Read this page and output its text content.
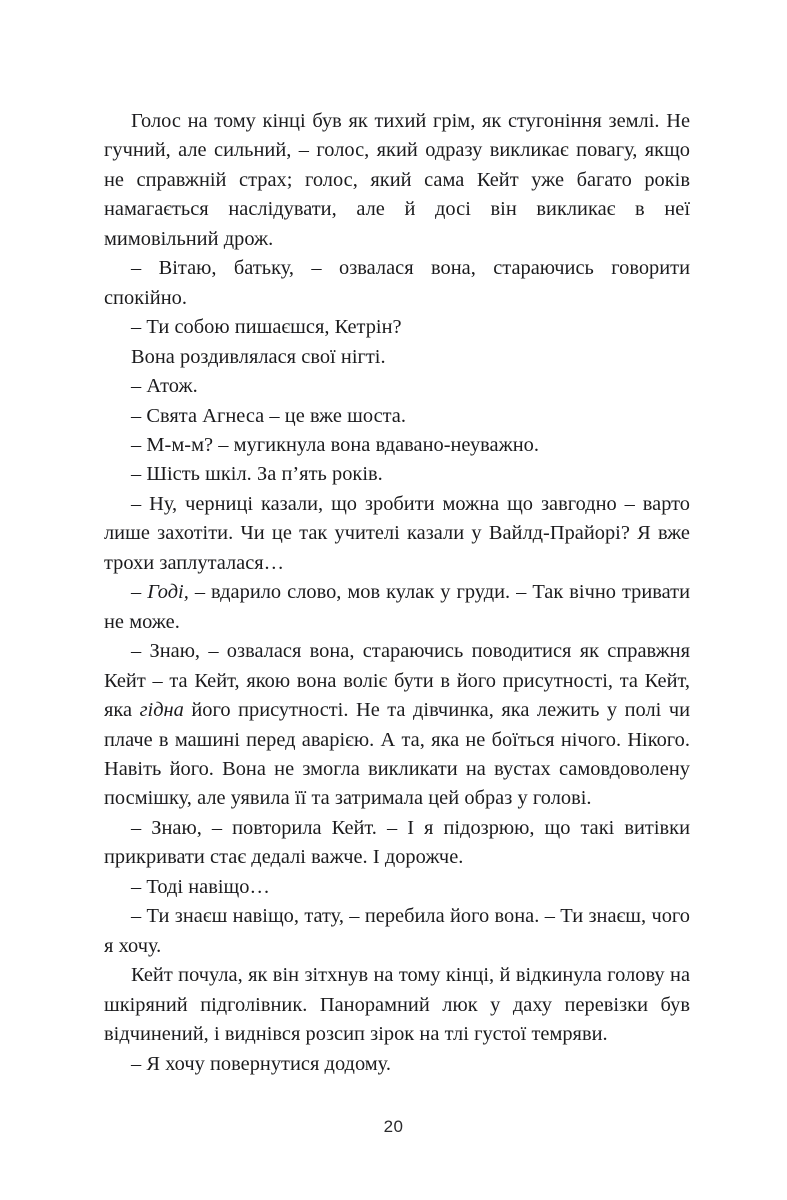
Голос на тому кінці був як тихий грім, як стугоніння землі. Не гучний, але сильний, – голос, який одразу викликає повагу, якщо не справжній страх; голос, який сама Кейт уже багато років намагається наслідувати, але й досі він викликає в неї мимовільний дрож.

– Вітаю, батьку, – озвалася вона, стараючись говорити спокійно.

– Ти собою пишаєшся, Кетрін?

Вона роздивлялася свої нігті.

– Атож.

– Свята Агнеса – це вже шоста.

– М-м-м? – мугикнула вона вдавано-неуважно.

– Шість шкіл. За п’ять років.

– Ну, черниці казали, що зробити можна що завгодно – варто лише захотіти. Чи це так учителі казали у Вайлд-Прайорі? Я вже трохи заплуталася…

– Годі, – вдарило слово, мов кулак у груди. – Так вічно тривати не може.

– Знаю, – озвалася вона, стараючись поводитися як справжня Кейт – та Кейт, якою вона воліє бути в його присутності, та Кейт, яка гідна його присутності. Не та дівчинка, яка лежить у полі чи плаче в машині перед аварією. А та, яка не боїться нічого. Нікого. Навіть його. Вона не змогла викликати на вустах самовдоволену посмішку, але уявила її та затримала цей образ у голові.

– Знаю, – повторила Кейт. – І я підозрюю, що такі витівки прикривати стає дедалі важче. І дорожче.

– Тоді навіщо…

– Ти знаєш навіщо, тату, – перебила його вона. – Ти знаєш, чого я хочу.

Кейт почула, як він зітхнув на тому кінці, й відкинула голову на шкіряний підголівник. Панорамний люк у даху перевізки був відчинений, і виднівся розсип зірок на тлі густої темряви.

– Я хочу повернутися додому.

20
